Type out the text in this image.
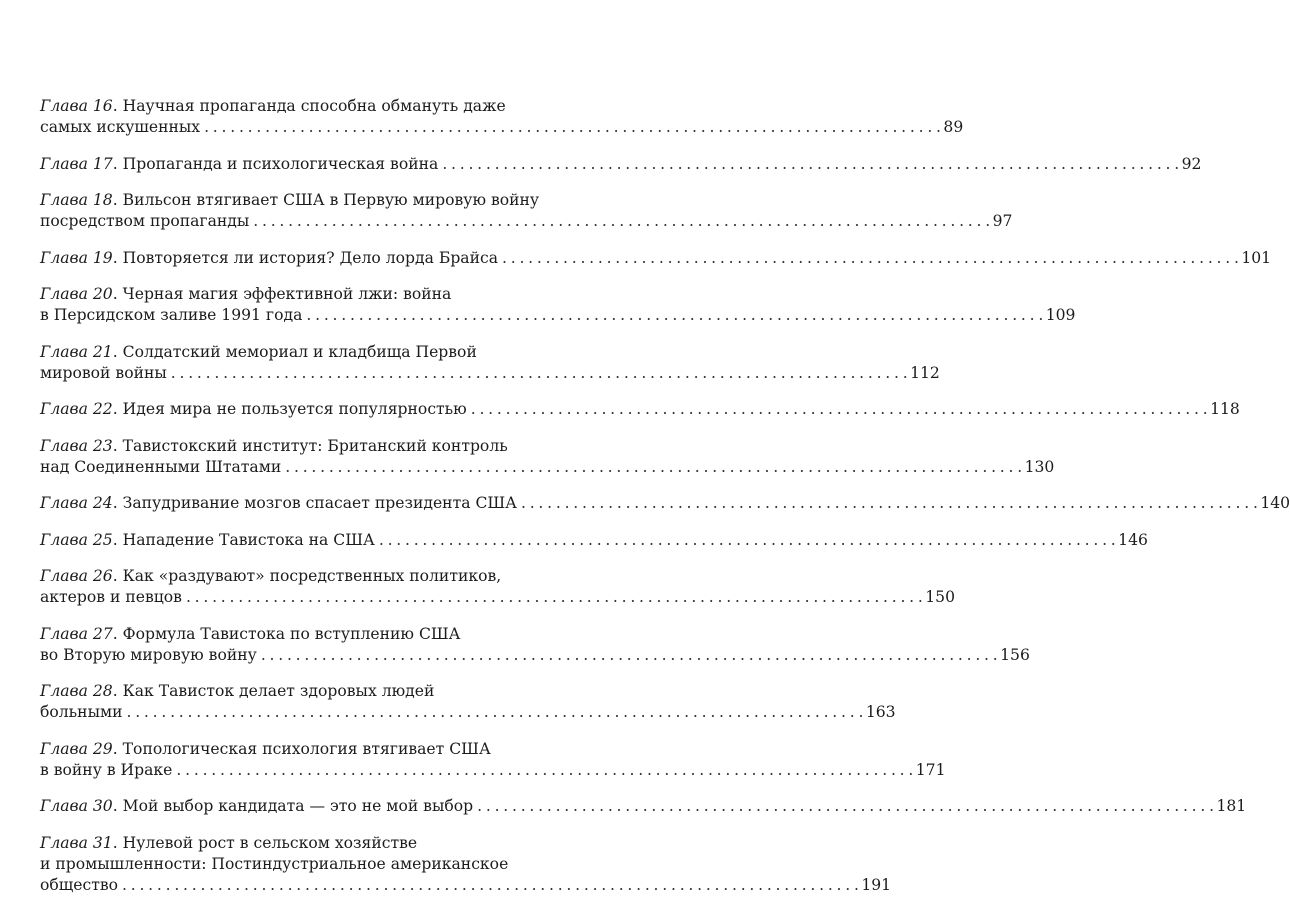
Глава 16. Научная пропаганда способна обмануть даже
самых искушенных . . .	89
Глава 17. Пропаганда и психологическая война . . .	92
Глава 18. Вильсон втягивает США в Первую мировую войну
посредством пропаганды . . .	97
Глава 19. Повторяется ли история? Дело лорда Брайса . . .	101
Глава 20. Черная магия эффективной лжи: война
в Персидском заливе 1991 года . . .	109
Глава 21. Солдатский мемориал и кладбища Первой
мировой войны . . .	112
Глава 22. Идея мира не пользуется популярностью . . .	118
Глава 23. Тавистокский институт: Британский контроль
над Соединенными Штатами . . .	130
Глава 24. Запудривание мозгов спасает президента США . . .	140
Глава 25. Нападение Тавистока на США . . .	146
Глава 26. Как «раздувают» посредственных политиков,
актеров и певцов . . .	150
Глава 27. Формула Тавистока по вступлению США
во Вторую мировую войну . . .	156
Глава 28. Как Тависток делает здоровых людей
больными . . .	163
Глава 29. Топологическая психология втягивает США
в войну в Ираке . . .	171
Глава 30. Мой выбор кандидата — это не мой выбор . . .	181
Глава 31. Нулевой рост в сельском хозяйстве
и промышленности: Постиндустриальное американское
общество . . .	191
